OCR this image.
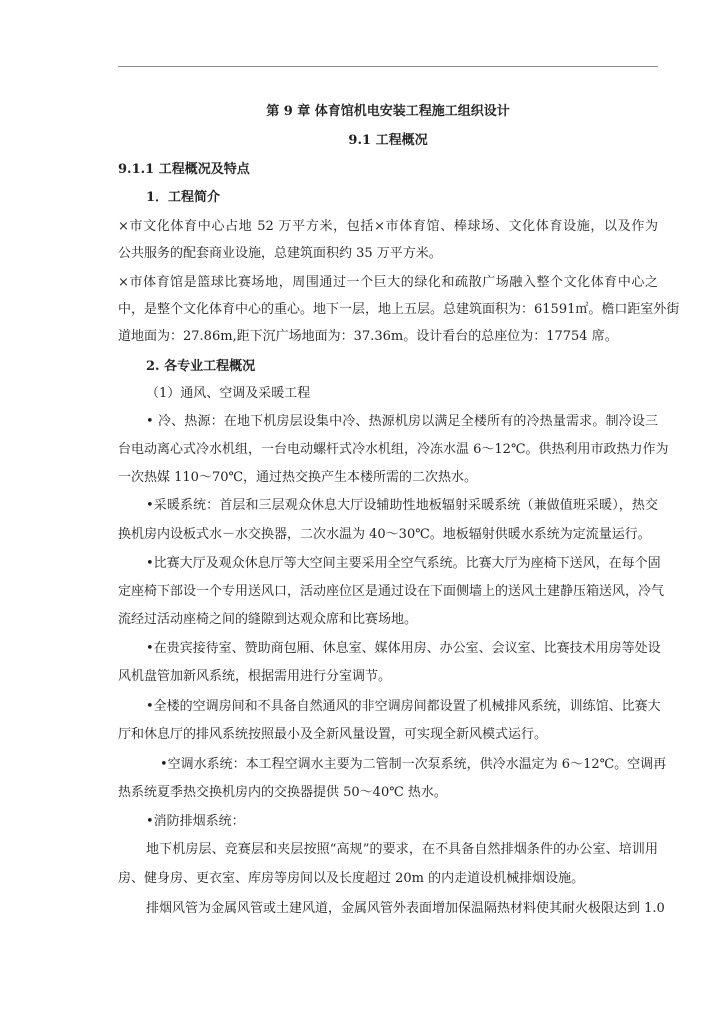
第 9 章 体育馆机电安装工程施工组织设计
9.1 工程概况
9.1.1 工程概况及特点
1．工程简介
×市文化体育中心占地 52 万平方米，包括×市体育馆、棒球场、文化体育设施，以及作为
公共服务的配套商业设施，总建筑面积约 35 万平方米。
×市体育馆是篮球比赛场地，周围通过一个巨大的绿化和疏散广场融入整个文化体育中心之
中，是整个文化体育中心的重心。地下一层，地上五层。总建筑面积为：61591㎡。檐口距室外街
道地面为：27.86m,距下沉广场地面为：37.36m。设计看台的总座位为：17754 席。
2. 各专业工程概况
（1）通风、空调及采暖工程
• 冷、热源：在地下机房层设集中冷、热源机房以满足全楼所有的冷热量需求。制冷设三
台电动离心式冷水机组，一台电动螺杆式冷水机组，冷冻水温 6～12℃。供热利用市政热力作为
一次热媒 110～70℃，通过热交换产生本楼所需的二次热水。
•采暖系统：首层和三层观众休息大厅设辅助性地板辐射采暖系统（兼做值班采暖），热交
换机房内设板式水－水交换器，二次水温为 40～30℃。地板辐射供暖水系统为定流量运行。
•比赛大厅及观众休息厅等大空间主要采用全空气系统。比赛大厅为座椅下送风，在每个固
定座椅下部设一个专用送风口，活动座位区是通过设在下面侧墙上的送风土建静压箱送风，冷气
流经过活动座椅之间的缝隙到达观众席和比赛场地。
•在贵宾接待室、赞助商包厢、休息室、媒体用房、办公室、会议室、比赛技术用房等处设
风机盘管加新风系统，根据需用进行分室调节。
•全楼的空调房间和不具备自然通风的非空调房间都设置了机械排风系统，训练馆、比赛大
厅和休息厅的排风系统按照最小及全新风量设置，可实现全新风模式运行。
•空调水系统：本工程空调水主要为二管制一次泵系统，供冷水温定为 6～12℃。空调再
热系统夏季热交换机房内的交换器提供 50～40℃ 热水。
•消防排烟系统：
地下机房层、竞赛层和夹层按照“高规”的要求，在不具备自然排烟条件的办公室、培训用
房、健身房、更衣室、库房等房间以及长度超过 20m 的内走道设机械排烟设施。
排烟风管为金属风管或土建风道，金属风管外表面增加保温隔热材料使其耐火极限达到 1.0
